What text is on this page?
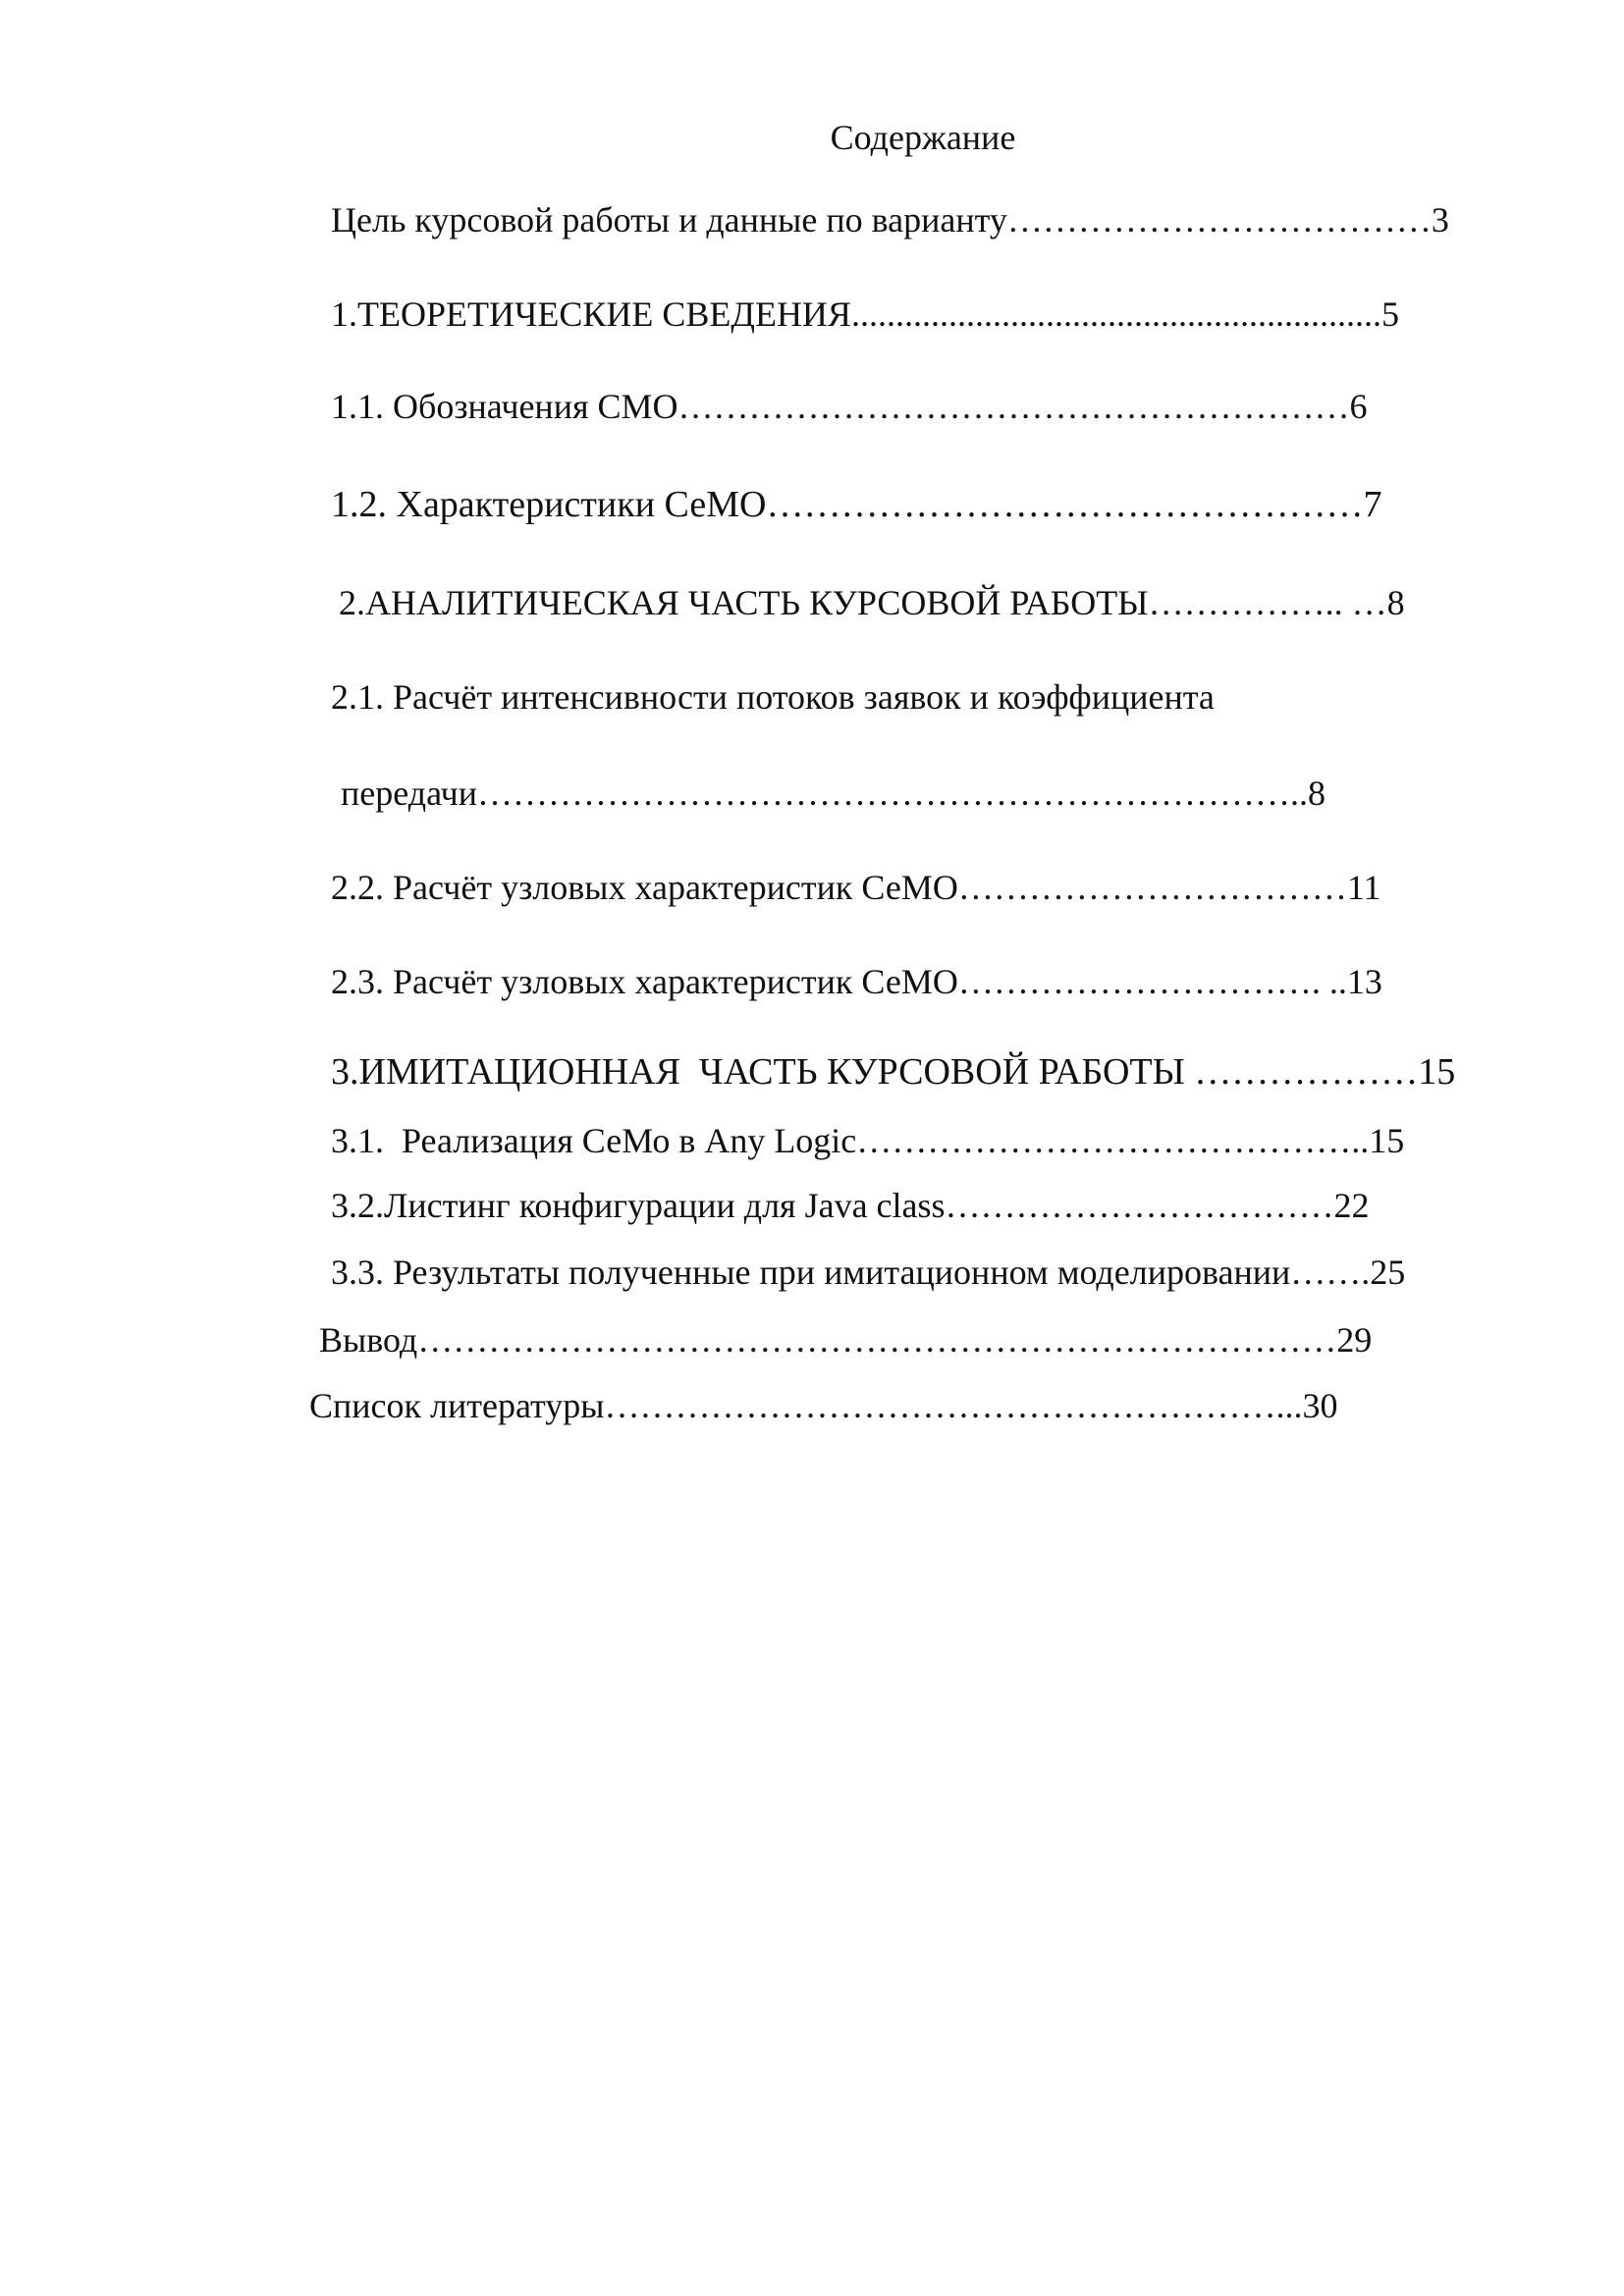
Содержание
Цель курсовой работы и данные по варианту………………………………3
1.ТЕОРЕТИЧЕСКИЕ СВЕДЕНИЯ............................................................5
1.1. Обозначения СМО…………………………………………………6
1.2. Характеристики СеМО…………………………………………7
2.АНАЛИТИЧЕСКАЯ ЧАСТЬ КУРСОВОЙ РАБОТЫ…………….. …8
2.1. Расчёт интенсивности потоков заявок и коэффициента
передачи……………………………………………………………..8
2.2. Расчёт узловых характеристик СеМО……………………………11
2.3. Расчёт узловых характеристик СеМО…………………………. ..13
3.ИМИТАЦИОННАЯ  ЧАСТЬ КУРСОВОЙ РАБОТЫ ………………15
3.1.  Реализация СеМо в Any Logic……………………………………..15
3.2.Листинг конфигурации для Java class……………………………22
3.3. Результаты полученные при имитационном моделировании…….25
Вывод……………………………………………………………………29
Список литературы…………………………………………………...30
